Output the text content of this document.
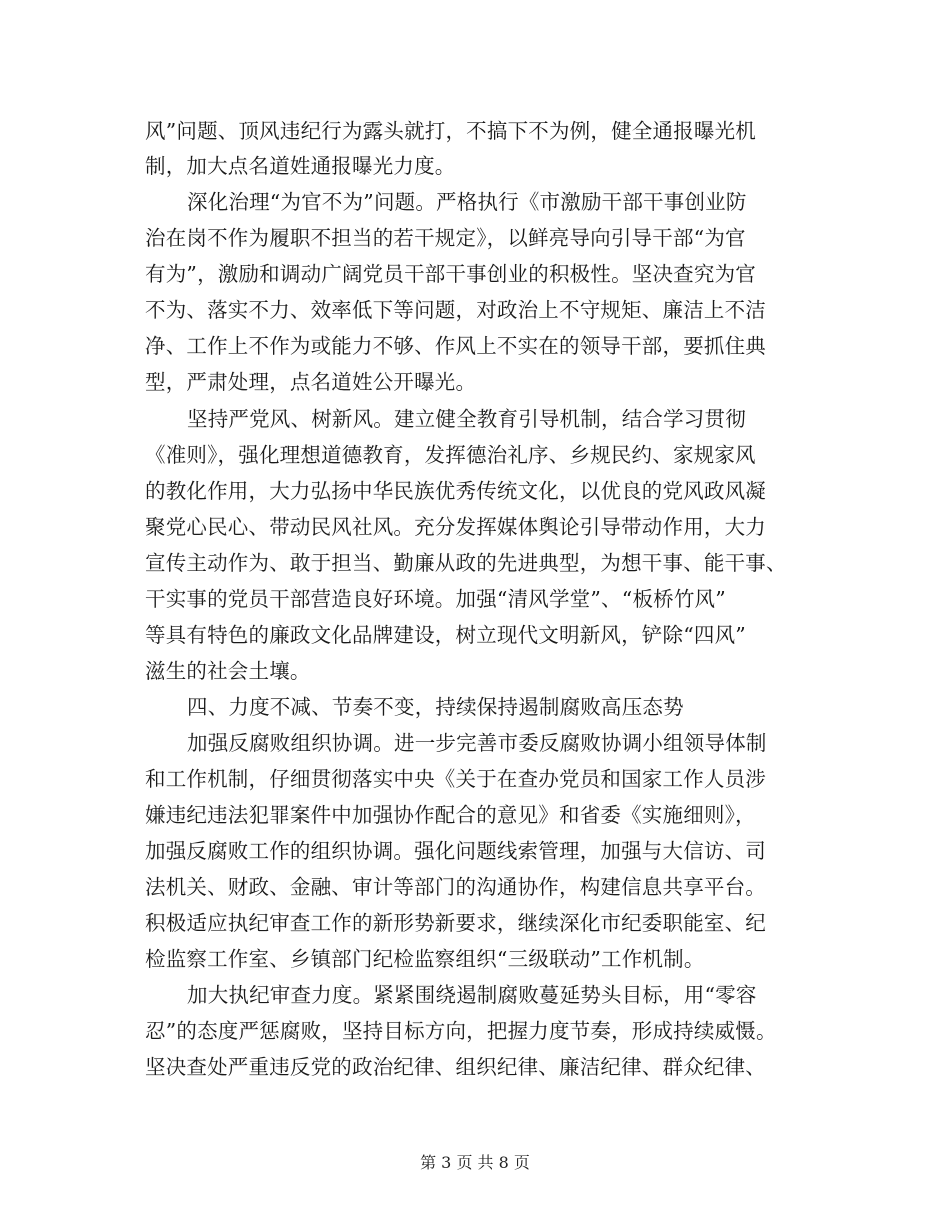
风”问题、顶风违纪行为露头就打，不搞下不为例，健全通报曝光机
制，加大点名道姓通报曝光力度。
深化治理“为官不为”问题。严格执行《市激励干部干事创业防
治在岗不作为履职不担当的若干规定》，以鲜亮导向引导干部“为官
有为”，激励和调动广阔党员干部干事创业的积极性。坚决查究为官
不为、落实不力、效率低下等问题，对政治上不守规矩、廉洁上不洁
净、工作上不作为或能力不够、作风上不实在的领导干部，要抓住典
型，严肃处理，点名道姓公开曝光。
坚持严党风、树新风。建立健全教育引导机制，结合学习贯彻
《准则》，强化理想道德教育，发挥德治礼序、乡规民约、家规家风
的教化作用，大力弘扬中华民族优秀传统文化，以优良的党风政风凝
聚党心民心、带动民风社风。充分发挥媒体舆论引导带动作用，大力
宣传主动作为、敢于担当、勤廉从政的先进典型，为想干事、能干事、
干实事的党员干部营造良好环境。加强“清风学堂”、“板桥竹风”
等具有特色的廉政文化品牌建设，树立现代文明新风，铲除“四风”
滋生的社会土壤。
四、力度不减、节奏不变，持续保持遏制腐败高压态势
加强反腐败组织协调。进一步完善市委反腐败协调小组领导体制
和工作机制，仔细贯彻落实中央《关于在查办党员和国家工作人员涉
嫌违纪违法犯罪案件中加强协作配合的意见》和省委《实施细则》，
加强反腐败工作的组织协调。强化问题线索管理，加强与大信访、司
法机关、财政、金融、审计等部门的沟通协作，构建信息共享平台。
积极适应执纪审查工作的新形势新要求，继续深化市纪委职能室、纪
检监察工作室、乡镇部门纪检监察组织“三级联动”工作机制。
加大执纪审查力度。紧紧围绕遏制腐败蔓延势头目标，用“零容
忍”的态度严惩腐败，坚持目标方向，把握力度节奏，形成持续威慑。
坚决查处严重违反党的政治纪律、组织纪律、廉洁纪律、群众纪律、
第 3 页 共 8 页
